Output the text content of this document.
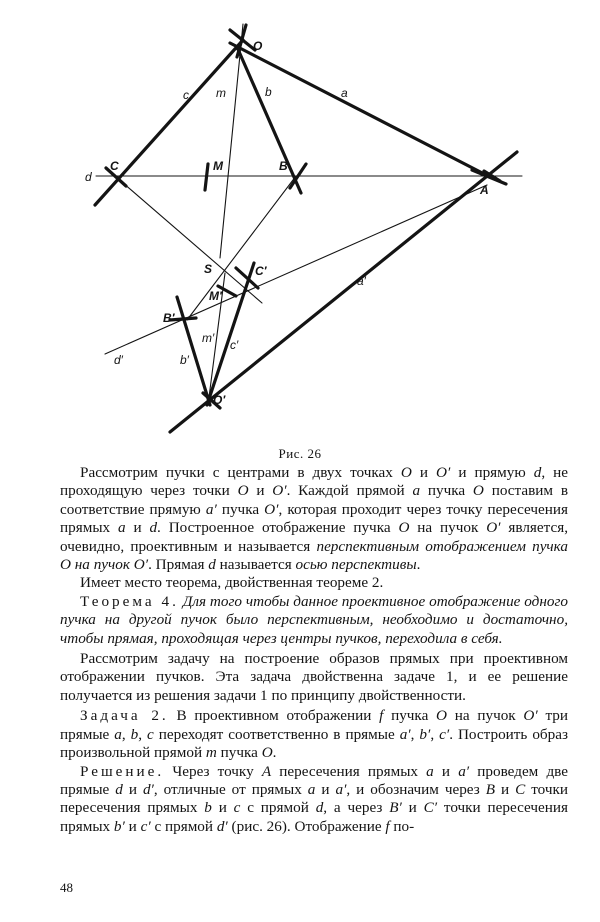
O
c m	b	a
d
C	M	B
A
S	C′
M′
B′
a′
m′ c′
b′
d′
O′
Рис. 26

Рассмотрим пучки с центрами в двух точках O и O′ и прямую d, не проходящую через точки O и O′. Каждой прямой a пучка O поставим в соответствие прямую a′ пучка O′, которая проходит через точку пересечения прямых a и d. Построенное отображение пучка O на пучок O′ является, очевидно, проективным и называется перспективным отображением пучка O на пучок O′. Прямая d называется осью перспективы.

Имеет место теорема, двойственная теореме 2.

Теорема 4. Для того чтобы данное проективное отображение одного пучка на другой пучок было перспективным, необходимо и достаточно, чтобы прямая, проходящая через центры пучков, переходила в себя.

Рассмотрим задачу на построение образов прямых при проективном отображении пучков. Эта задача двойственна задаче 1, и ее решение получается из решения задачи 1 по принципу двойственности.

Задача 2. В проективном отображении f пучка O на пучок O′ три прямые a, b, c переходят соответственно в прямые a′, b′, c′. Построить образ произвольной прямой m пучка O.

Решение. Через точку A пересечения прямых a и a′ проведем две прямые d и d′, отличные от прямых a и a′, и обозначим через B и C точки пересечения прямых b и c с прямой d, а через B′ и C′ точки пересечения прямых b′ и c′ с прямой d′ (рис. 26). Отображение f по-

48
